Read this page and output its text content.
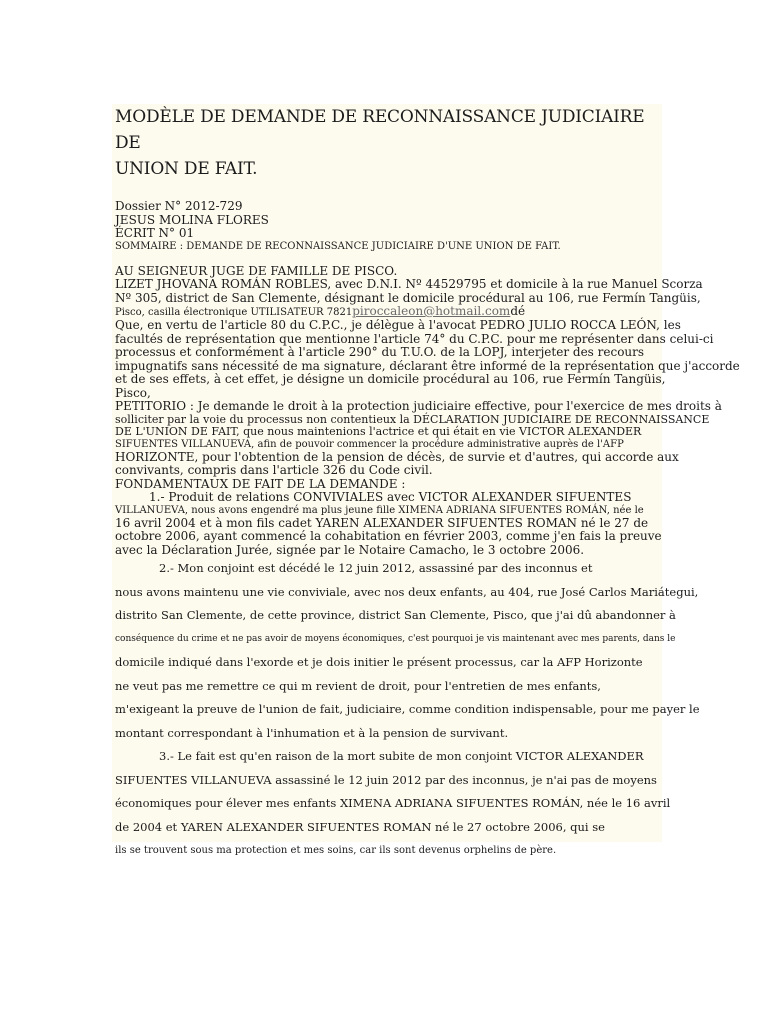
MODÈLE DE DEMANDE DE RECONNAISSANCE JUDICIAIRE DE
UNION DE FAIT.

Dossier N° 2012-729

JESUS MOLINA FLORES

ÉCRIT N° 01

SOMMAIRE : DEMANDE DE RECONNAISSANCE JUDICIAIRE D'UNE UNION DE FAIT.

AU SEIGNEUR JUGE DE FAMILLE DE PISCO.

LIZET JHOVANA ROMÁN ROBLES, avec D.N.I. Nº 44529795 et domicile à la rue Manuel Scorza

Nº 305, district de San Clemente, désignant le domicile procédural au 106, rue Fermín Tangüis,

Pisco, casilla électronique UTILISATEUR 7821piroccaleon@hotmail.comdé

Que, en vertu de l'article 80 du C.P.C., je délègue à l'avocat PEDRO JULIO ROCCA LEÓN, les

facultés de représentation que mentionne l'article 74° du C.P.C. pour me représenter dans celui-ci

processus et conformément à l'article 290° du T.U.O. de la LOPJ, interjeter des recours

impugnatifs sans nécessité de ma signature, déclarant être informé de la représentation que j'accorde

et de ses effets, à cet effet, je désigne un domicile procédural au 106, rue Fermín Tangüis,

Pisco,

PETITORIO : Je demande le droit à la protection judiciaire effective, pour l'exercice de mes droits à

solliciter par la voie du processus non contentieux la DÉCLARATION JUDICIAIRE DE RECONNAISSANCE

DE L'UNION DE FAIT, que nous maintenions l'actrice et qui était en vie VICTOR ALEXANDER

SIFUENTES VILLANUEVA, afin de pouvoir commencer la procédure administrative auprès de l'AFP

HORIZONTE, pour l'obtention de la pension de décès, de survie et d'autres, qui accorde aux

convivants, compris dans l'article 326 du Code civil.

FONDAMENTAUX DE FAIT DE LA DEMANDE :

1.- Produit de relations CONVIVIALES avec VICTOR ALEXANDER SIFUENTES

VILLANUEVA, nous avons engendré ma plus jeune fille XIMENA ADRIANA SIFUENTES ROMÁN, née le

16 avril 2004 et à mon fils cadet YAREN ALEXANDER SIFUENTES ROMAN né le 27 de

octobre 2006, ayant commencé la cohabitation en février 2003, comme j'en fais la preuve

avec la Déclaration Jurée, signée par le Notaire Camacho, le 3 octobre 2006.

2.- Mon conjoint est décédé le 12 juin 2012, assassiné par des inconnus et

nous avons maintenu une vie conviviale, avec nos deux enfants, au 404, rue José Carlos Mariátegui,

distrito San Clemente, de cette province, district San Clemente, Pisco, que j'ai dû abandonner à

conséquence du crime et ne pas avoir de moyens économiques, c'est pourquoi je vis maintenant avec mes parents, dans le

domicile indiqué dans l'exorde et je dois initier le présent processus, car la AFP Horizonte

ne veut pas me remettre ce qui m revient de droit, pour l'entretien de mes enfants,

m'exigeant la preuve de l'union de fait, judiciaire, comme condition indispensable, pour me payer le

montant correspondant à l'inhumation et à la pension de survivant.

3.- Le fait est qu'en raison de la mort subite de mon conjoint VICTOR ALEXANDER

SIFUENTES VILLANUEVA assassiné le 12 juin 2012 par des inconnus, je n'ai pas de moyens

économiques pour élever mes enfants XIMENA ADRIANA SIFUENTES ROMÁN, née le 16 avril

de 2004 et YAREN ALEXANDER SIFUENTES ROMAN né le 27 octobre 2006, qui se

ils se trouvent sous ma protection et mes soins, car ils sont devenus orphelins de père.
